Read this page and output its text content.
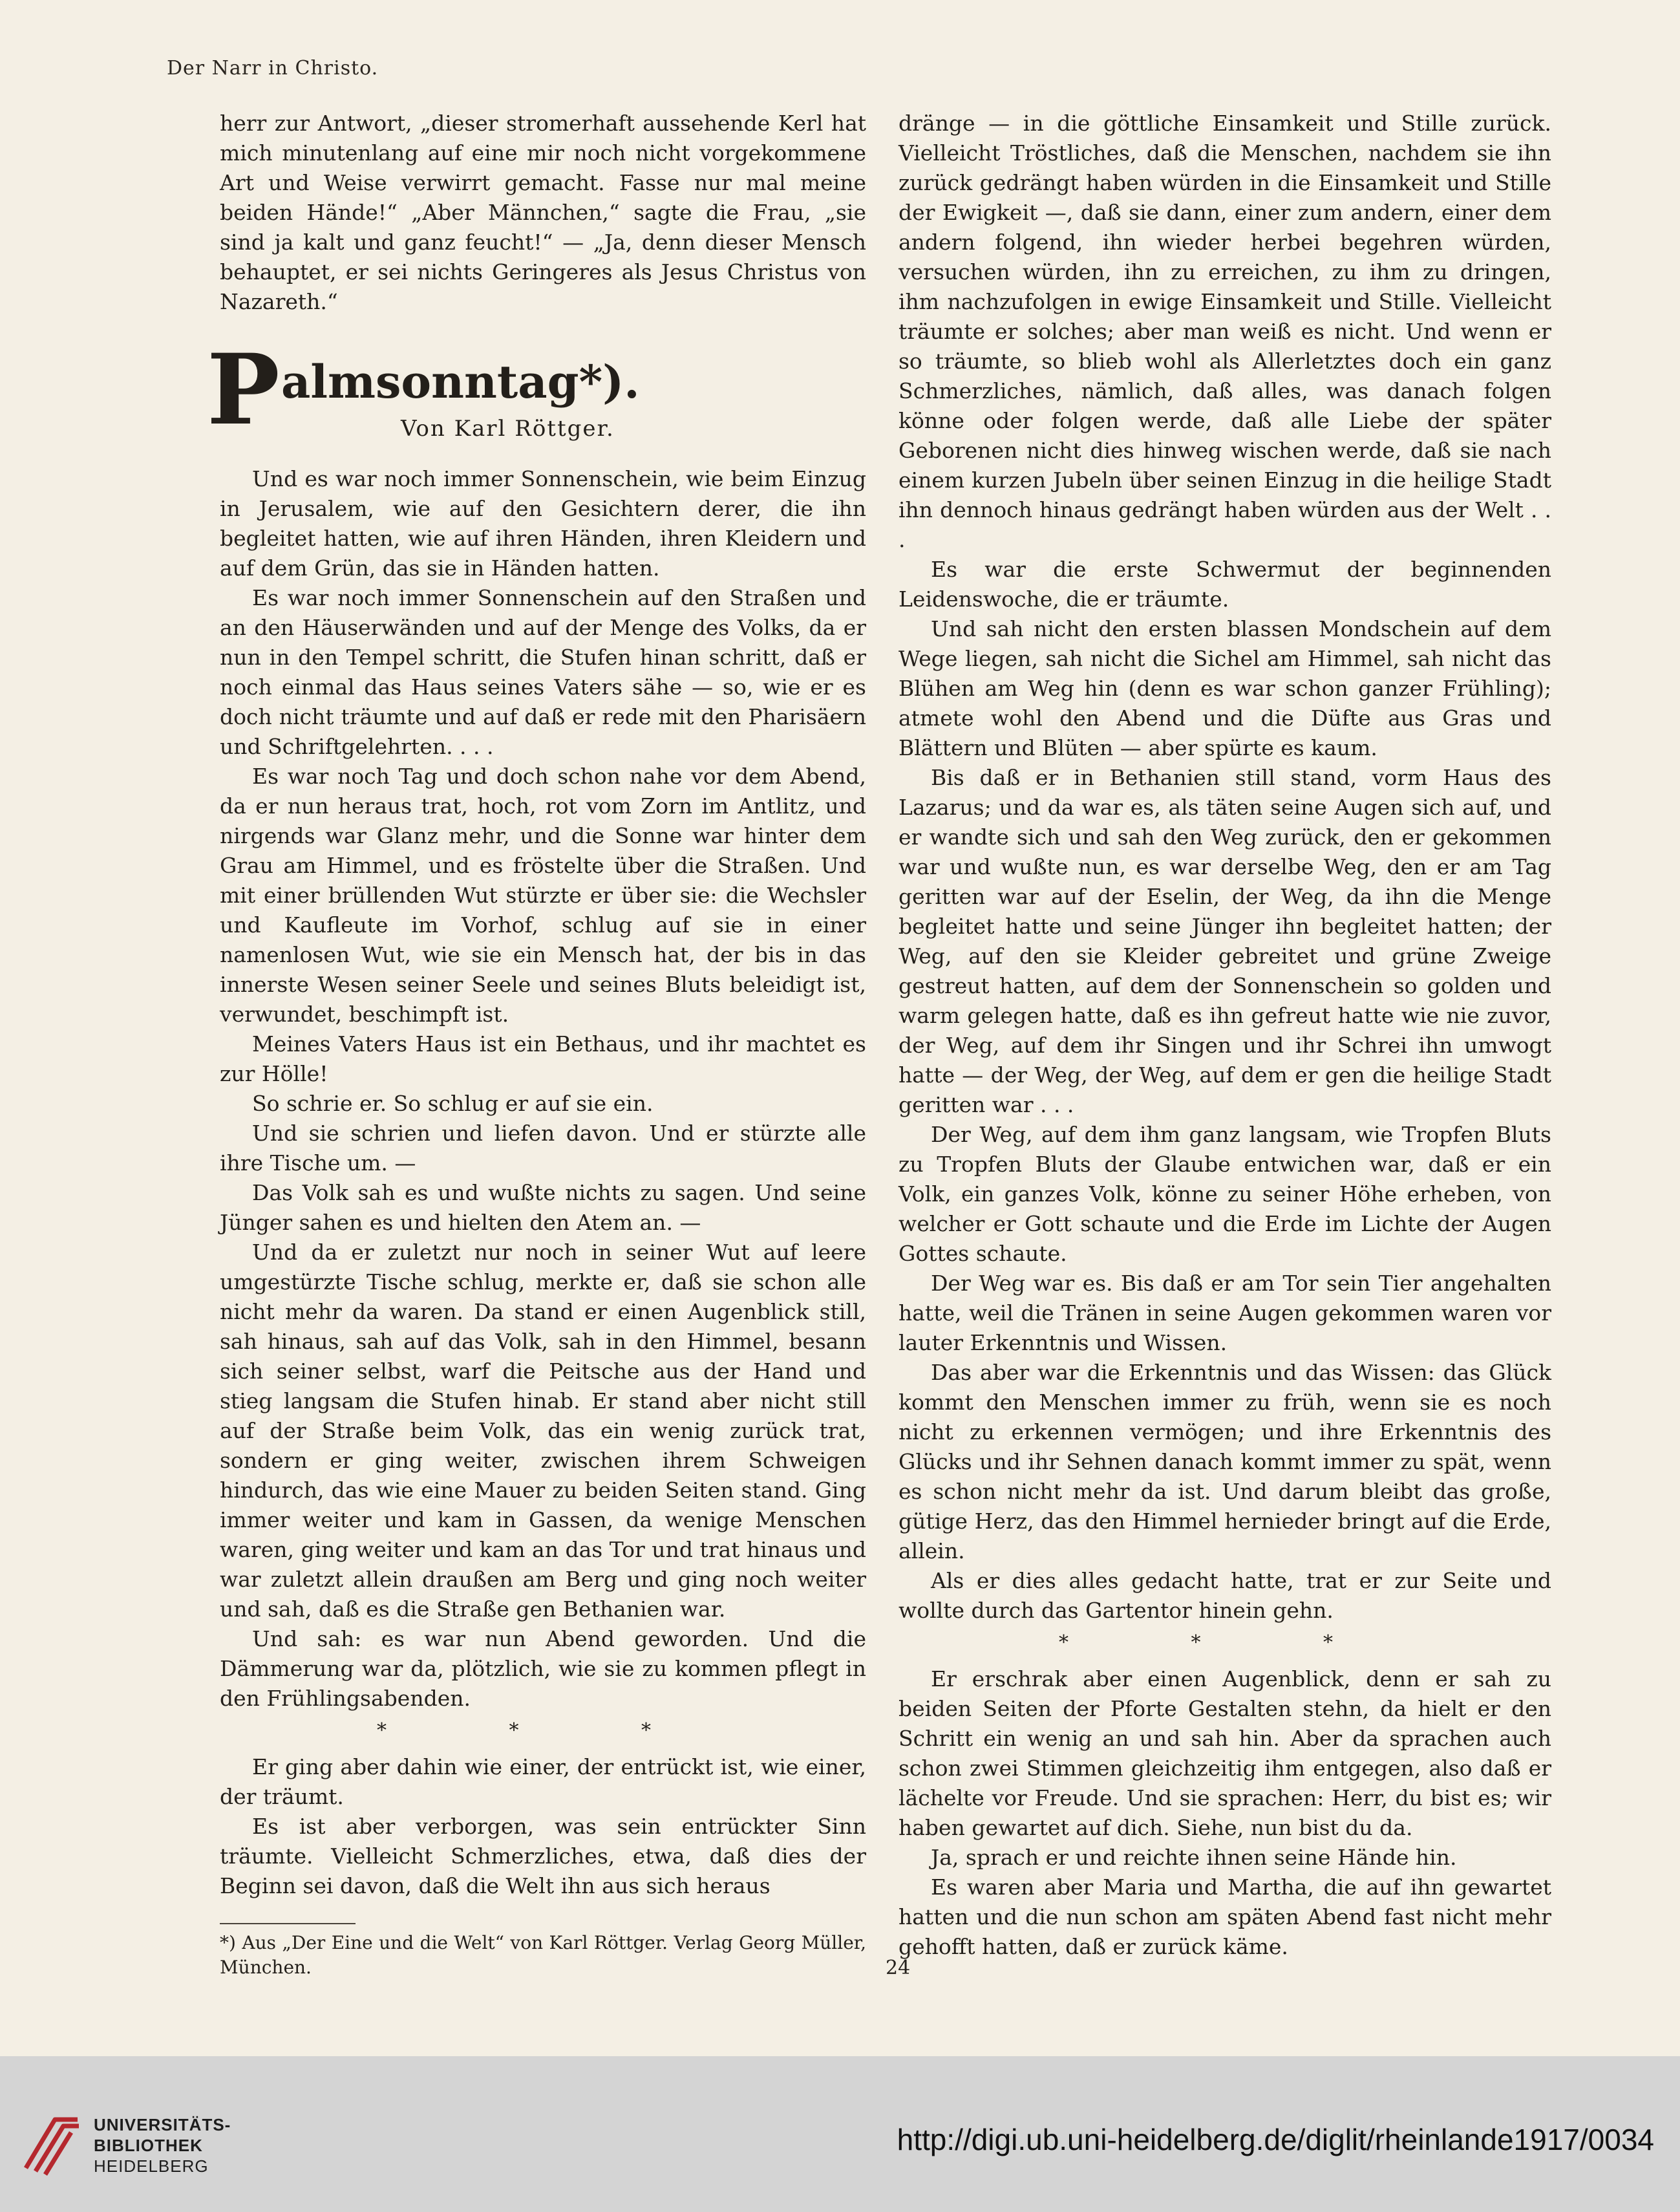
Der Narr in Christo.

herr zur Antwort, „dieser stromerhaft aussehende Kerl hat mich minutenlang auf eine mir noch nicht vorgekommene Art und Weise verwirrt gemacht. Fasse nur mal meine beiden Hände!“ „Aber Männchen,“ sagte die Frau, „sie sind ja kalt und ganz feucht!“ — „Ja, denn dieser Mensch behauptet, er sei nichts Geringeres als Jesus Christus von Nazareth.“

P almsonntag*).
Von Karl Röttger.

Und es war noch immer Sonnenschein, wie beim Einzug in Jerusalem, wie auf den Gesichtern derer, die ihn begleitet hatten, wie auf ihren Händen, ihren Kleidern und auf dem Grün, das sie in Händen hatten.

Es war noch immer Sonnenschein auf den Straßen und an den Häuserwänden und auf der Menge des Volks, da er nun in den Tempel schritt, die Stufen hinan schritt, daß er noch einmal das Haus seines Vaters sähe — so, wie er es doch nicht träumte und auf daß er rede mit den Pharisäern und Schriftgelehrten. . . .

Es war noch Tag und doch schon nahe vor dem Abend, da er nun heraus trat, hoch, rot vom Zorn im Antlitz, und nirgends war Glanz mehr, und die Sonne war hinter dem Grau am Himmel, und es fröstelte über die Straßen. Und mit einer brüllenden Wut stürzte er über sie: die Wechsler und Kaufleute im Vorhof, schlug auf sie in einer namenlosen Wut, wie sie ein Mensch hat, der bis in das innerste Wesen seiner Seele und seines Bluts beleidigt ist, verwundet, beschimpft ist.

Meines Vaters Haus ist ein Bethaus, und ihr machtet es zur Hölle!

So schrie er. So schlug er auf sie ein.

Und sie schrien und liefen davon. Und er stürzte alle ihre Tische um. —

Das Volk sah es und wußte nichts zu sagen. Und seine Jünger sahen es und hielten den Atem an. —

Und da er zuletzt nur noch in seiner Wut auf leere umgestürzte Tische schlug, merkte er, daß sie schon alle nicht mehr da waren. Da stand er einen Augenblick still, sah hinaus, sah auf das Volk, sah in den Himmel, besann sich seiner selbst, warf die Peitsche aus der Hand und stieg langsam die Stufen hinab. Er stand aber nicht still auf der Straße beim Volk, das ein wenig zurück trat, sondern er ging weiter, zwischen ihrem Schweigen hindurch, das wie eine Mauer zu beiden Seiten stand. Ging immer weiter und kam in Gassen, da wenige Menschen waren, ging weiter und kam an das Tor und trat hinaus und war zuletzt allein draußen am Berg und ging noch weiter und sah, daß es die Straße gen Bethanien war.

Und sah: es war nun Abend geworden. Und die Dämmerung war da, plötzlich, wie sie zu kommen pflegt in den Frühlingsabenden.

* * *

Er ging aber dahin wie einer, der entrückt ist, wie einer, der träumt.

Es ist aber verborgen, was sein entrückter Sinn träumte. Vielleicht Schmerzliches, etwa, daß dies der Beginn sei davon, daß die Welt ihn aus sich heraus

*) Aus „Der Eine und die Welt“ von Karl Röttger. Verlag Georg Müller, München.

dränge — in die göttliche Einsamkeit und Stille zurück. Vielleicht Tröstliches, daß die Menschen, nachdem sie ihn zurück gedrängt haben würden in die Einsamkeit und Stille der Ewigkeit —, daß sie dann, einer zum andern, einer dem andern folgend, ihn wieder herbei begehren würden, versuchen würden, ihn zu erreichen, zu ihm zu dringen, ihm nachzufolgen in ewige Einsamkeit und Stille. Vielleicht träumte er solches; aber man weiß es nicht. Und wenn er so träumte, so blieb wohl als Allerletztes doch ein ganz Schmerzliches, nämlich, daß alles, was danach folgen könne oder folgen werde, daß alle Liebe der später Geborenen nicht dies hinweg wischen werde, daß sie nach einem kurzen Jubeln über seinen Einzug in die heilige Stadt ihn dennoch hinaus gedrängt haben würden aus der Welt . . .

Es war die erste Schwermut der beginnenden Leidenswoche, die er träumte.

Und sah nicht den ersten blassen Mondschein auf dem Wege liegen, sah nicht die Sichel am Himmel, sah nicht das Blühen am Weg hin (denn es war schon ganzer Frühling); atmete wohl den Abend und die Düfte aus Gras und Blättern und Blüten — aber spürte es kaum.

Bis daß er in Bethanien still stand, vorm Haus des Lazarus; und da war es, als täten seine Augen sich auf, und er wandte sich und sah den Weg zurück, den er gekommen war und wußte nun, es war derselbe Weg, den er am Tag geritten war auf der Eselin, der Weg, da ihn die Menge begleitet hatte und seine Jünger ihn begleitet hatten; der Weg, auf den sie Kleider gebreitet und grüne Zweige gestreut hatten, auf dem der Sonnenschein so golden und warm gelegen hatte, daß es ihn gefreut hatte wie nie zuvor, der Weg, auf dem ihr Singen und ihr Schrei ihn umwogt hatte — der Weg, der Weg, auf dem er gen die heilige Stadt geritten war . . .

Der Weg, auf dem ihm ganz langsam, wie Tropfen Bluts zu Tropfen Bluts der Glaube entwichen war, daß er ein Volk, ein ganzes Volk, könne zu seiner Höhe erheben, von welcher er Gott schaute und die Erde im Lichte der Augen Gottes schaute.

Der Weg war es. Bis daß er am Tor sein Tier angehalten hatte, weil die Tränen in seine Augen gekommen waren vor lauter Erkenntnis und Wissen.

Das aber war die Erkenntnis und das Wissen: das Glück kommt den Menschen immer zu früh, wenn sie es noch nicht zu erkennen vermögen; und ihre Erkenntnis des Glücks und ihr Sehnen danach kommt immer zu spät, wenn es schon nicht mehr da ist. Und darum bleibt das große, gütige Herz, das den Himmel hernieder bringt auf die Erde, allein.

Als er dies alles gedacht hatte, trat er zur Seite und wollte durch das Gartentor hinein gehn.

* * *

Er erschrak aber einen Augenblick, denn er sah zu beiden Seiten der Pforte Gestalten stehn, da hielt er den Schritt ein wenig an und sah hin. Aber da sprachen auch schon zwei Stimmen gleichzeitig ihm entgegen, also daß er lächelte vor Freude. Und sie sprachen: Herr, du bist es; wir haben gewartet auf dich. Siehe, nun bist du da.

Ja, sprach er und reichte ihnen seine Hände hin.

Es waren aber Maria und Martha, die auf ihn gewartet hatten und die nun schon am späten Abend fast nicht mehr gehofft hatten, daß er zurück käme.

24
UNIVERSITÄTS-
BIBLIOTHEK
HEIDELBERG
http://digi.ub.uni-heidelberg.de/diglit/rheinlande1917/0034
